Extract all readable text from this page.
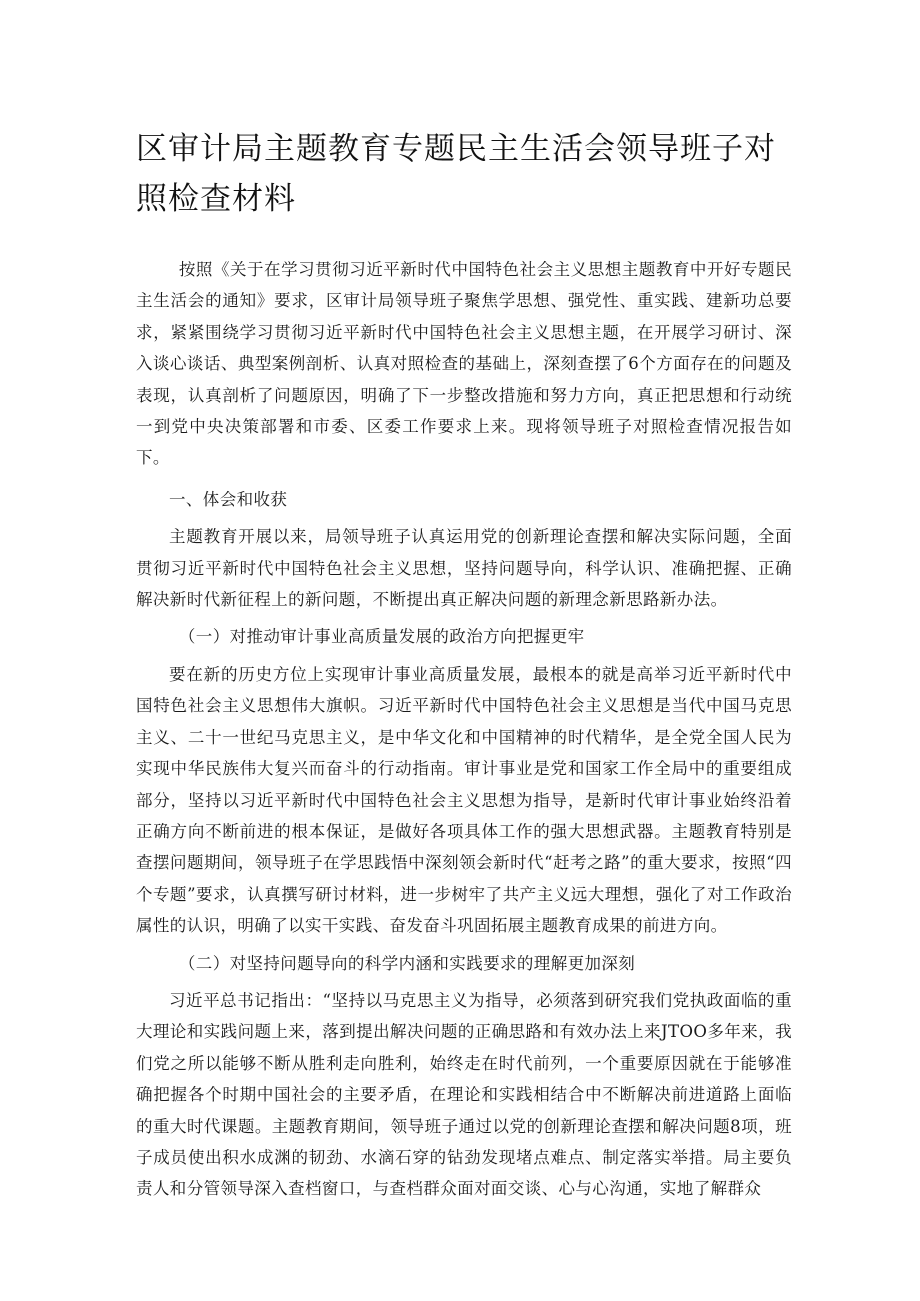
区审计局主题教育专题民主生活会领导班子对照检查材料

按照《关于在学习贯彻习近平新时代中国特色社会主义思想主题教育中开好专题民主生活会的通知》要求，区审计局领导班子聚焦学思想、强党性、重实践、建新功总要求，紧紧围绕学习贯彻习近平新时代中国特色社会主义思想主题，在开展学习研讨、深入谈心谈话、典型案例剖析、认真对照检查的基础上，深刻查摆了6个方面存在的问题及表现，认真剖析了问题原因，明确了下一步整改措施和努力方向，真正把思想和行动统一到党中央决策部署和市委、区委工作要求上来。现将领导班子对照检查情况报告如下。

一、体会和收获

主题教育开展以来，局领导班子认真运用党的创新理论查摆和解决实际问题，全面贯彻习近平新时代中国特色社会主义思想，坚持问题导向，科学认识、准确把握、正确解决新时代新征程上的新问题，不断提出真正解决问题的新理念新思路新办法。

（一）对推动审计事业高质量发展的政治方向把握更牢

要在新的历史方位上实现审计事业高质量发展，最根本的就是高举习近平新时代中国特色社会主义思想伟大旗帜。习近平新时代中国特色社会主义思想是当代中国马克思主义、二十一世纪马克思主义，是中华文化和中国精神的时代精华，是全党全国人民为实现中华民族伟大复兴而奋斗的行动指南。审计事业是党和国家工作全局中的重要组成部分，坚持以习近平新时代中国特色社会主义思想为指导，是新时代审计事业始终沿着正确方向不断前进的根本保证，是做好各项具体工作的强大思想武器。主题教育特别是查摆问题期间，领导班子在学思践悟中深刻领会新时代“赶考之路”的重大要求，按照“四个专题”要求，认真撰写研讨材料，进一步树牢了共产主义远大理想，强化了对工作政治属性的认识，明确了以实干实践、奋发奋斗巩固拓展主题教育成果的前进方向。

（二）对坚持问题导向的科学内涵和实践要求的理解更加深刻

习近平总书记指出：“坚持以马克思主义为指导，必须落到研究我们党执政面临的重大理论和实践问题上来，落到提出解决问题的正确思路和有效办法上来JTOO多年来，我们党之所以能够不断从胜利走向胜利，始终走在时代前列，一个重要原因就在于能够准确把握各个时期中国社会的主要矛盾，在理论和实践相结合中不断解决前进道路上面临的重大时代课题。主题教育期间，领导班子通过以党的创新理论查摆和解决问题8项，班子成员使出积水成渊的韧劲、水滴石穿的钻劲发现堵点难点、制定落实举措。局主要负责人和分管领导深入查档窗口，与查档群众面对面交谈、心与心沟通，实地了解群众
